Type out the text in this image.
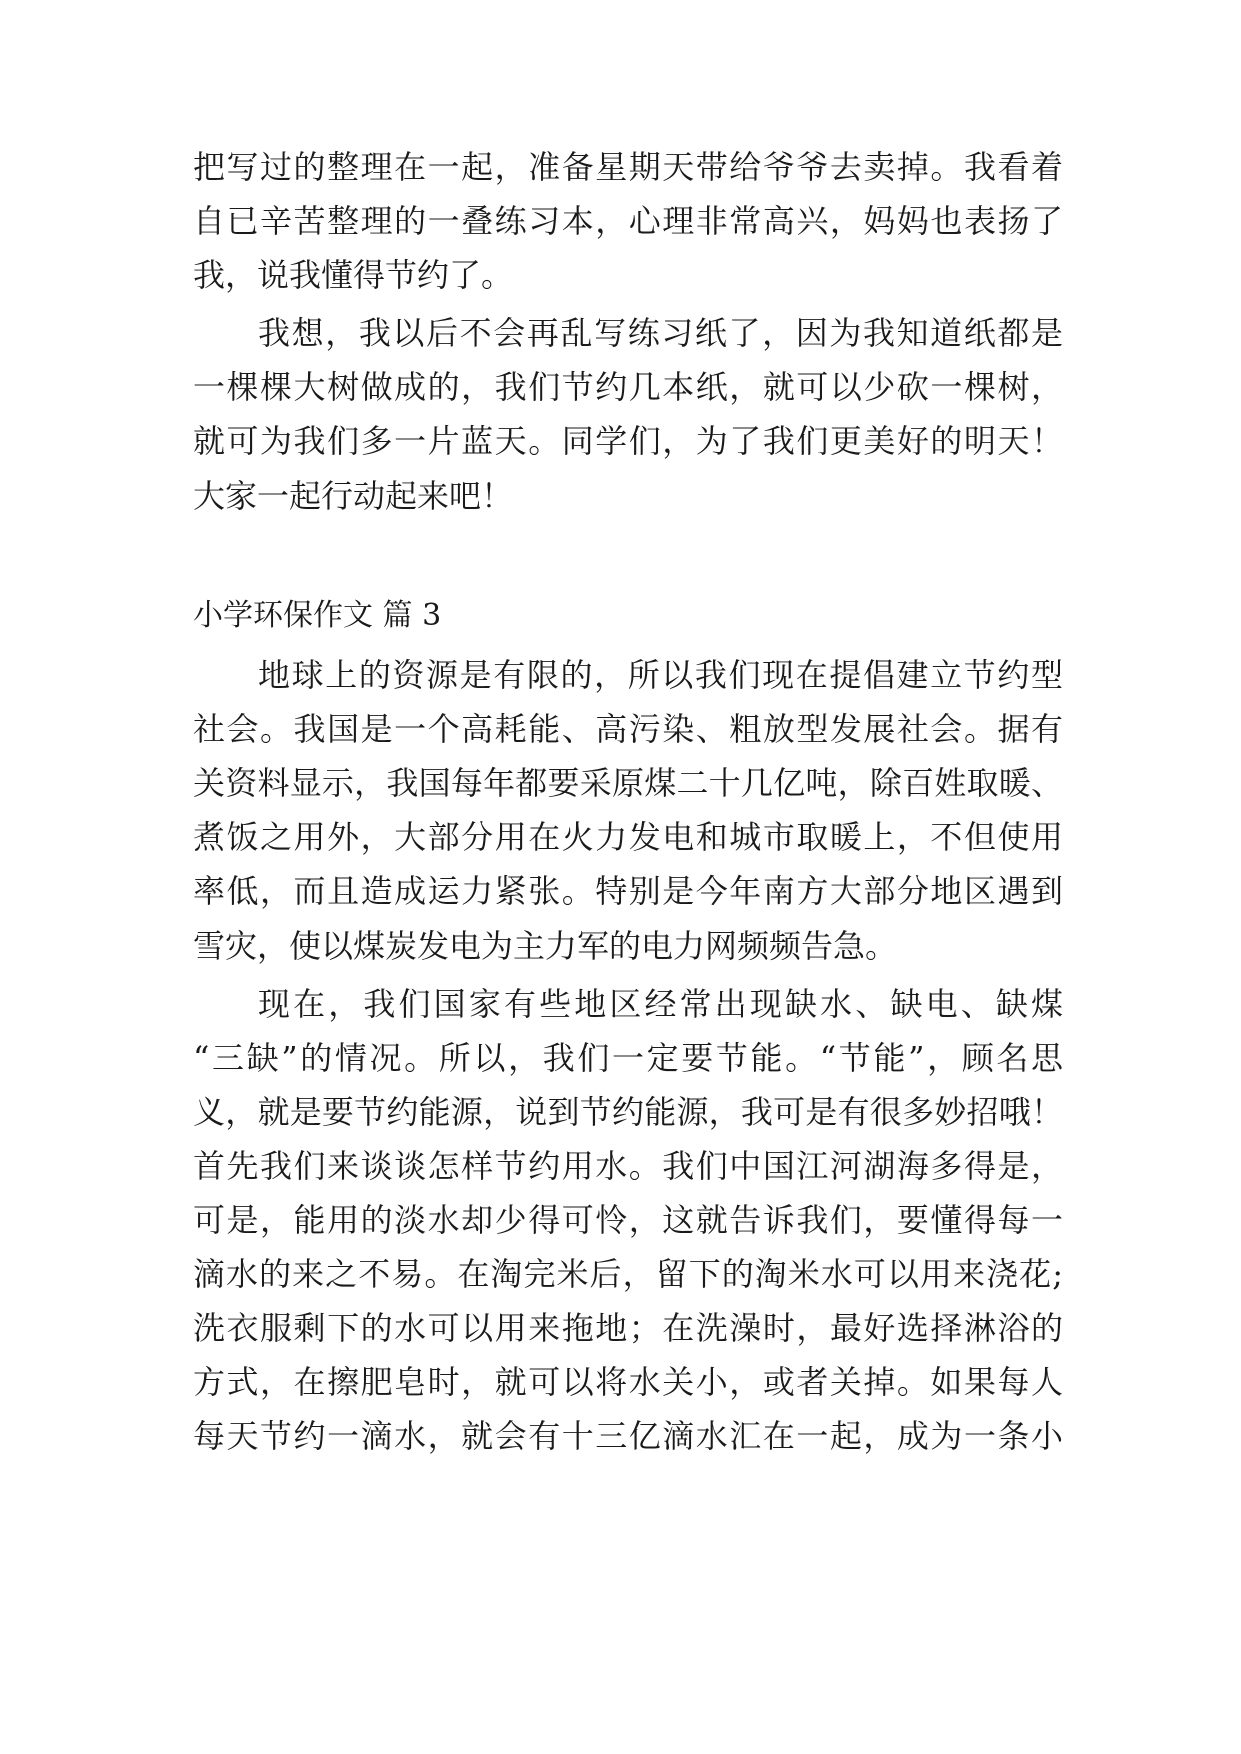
把写过的整理在一起，准备星期天带给爷爷去卖掉。我看着
自已辛苦整理的一叠练习本，心理非常高兴，妈妈也表扬了
我，说我懂得节约了。
我想，我以后不会再乱写练习纸了，因为我知道纸都是
一棵棵大树做成的，我们节约几本纸，就可以少砍一棵树，
就可为我们多一片蓝天。同学们，为了我们更美好的明天！
大家一起行动起来吧！
小学环保作文 篇 3
地球上的资源是有限的，所以我们现在提倡建立节约型
社会。我国是一个高耗能、高污染、粗放型发展社会。据有
关资料显示，我国每年都要采原煤二十几亿吨，除百姓取暖、
煮饭之用外，大部分用在火力发电和城市取暖上，不但使用
率低，而且造成运力紧张。特别是今年南方大部分地区遇到
雪灾，使以煤炭发电为主力军的电力网频频告急。
现在，我们国家有些地区经常出现缺水、缺电、缺煤
“三缺”的情况。所以，我们一定要节能。“节能”，顾名思
义，就是要节约能源，说到节约能源，我可是有很多妙招哦！
首先我们来谈谈怎样节约用水。我们中国江河湖海多得是，
可是，能用的淡水却少得可怜，这就告诉我们，要懂得每一
滴水的来之不易。在淘完米后，留下的淘米水可以用来浇花;
洗衣服剩下的水可以用来拖地；在洗澡时，最好选择淋浴的
方式，在擦肥皂时，就可以将水关小，或者关掉。如果每人
每天节约一滴水，就会有十三亿滴水汇在一起，成为一条小
